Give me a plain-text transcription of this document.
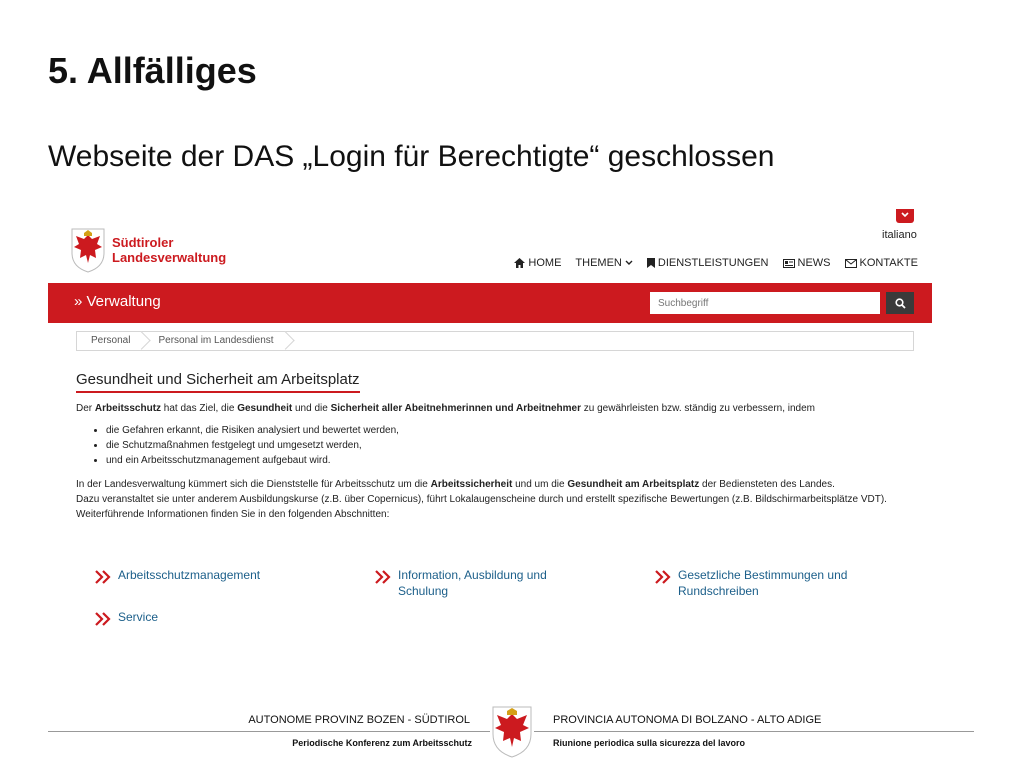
5. Allfälliges
Webseite der DAS „Login für Berechtigte“ geschlossen
italiano
Südtiroler
Landesverwaltung	HOME THEMEN	DIENSTLEISTUNGEN	NEWS	KONTAKTE
» Verwaltung
Suchbegriff
Personal	Personal im Landesdienst
Gesundheit und Sicherheit am Arbeitsplatz
Der Arbeitsschutz hat das Ziel, die Gesundheit und die Sicherheit aller Abeitnehmerinnen und Arbeitnehmer zu gewährleisten bzw. ständig zu verbessern, indem
• die Gefahren erkannt, die Risiken analysiert und bewertet werden,
• die Schutzmaßnahmen festgelegt und umgesetzt werden,
• und ein Arbeitsschutzmanagement aufgebaut wird.
In der Landesverwaltung kümmert sich die Dienststelle für Arbeitsschutz um die Arbeitssicherheit und um die Gesundheit am Arbeitsplatz der Bediensteten des Landes.
Dazu veranstaltet sie unter anderem Ausbildungskurse (z.B. über Copernicus), führt Lokalaugenscheine durch und erstellt spezifische Bewertungen (z.B. Bildschirmarbeitsplätze VDT). Weiterführende Informationen finden Sie in den folgenden Abschnitten:
Arbeitsschutzmanagement	Information, Ausbildung und Schulung
Gesetzliche Bestimmungen und Rundschreiben
Service
AUTONOME PROVINZ BOZEN - SÜDTIROL
Periodische Konferenz zum Arbeitsschutz
PROVINCIA AUTONOMA DI BOLZANO - ALTO ADIGE
Riunione periodica sulla sicurezza del lavoro
